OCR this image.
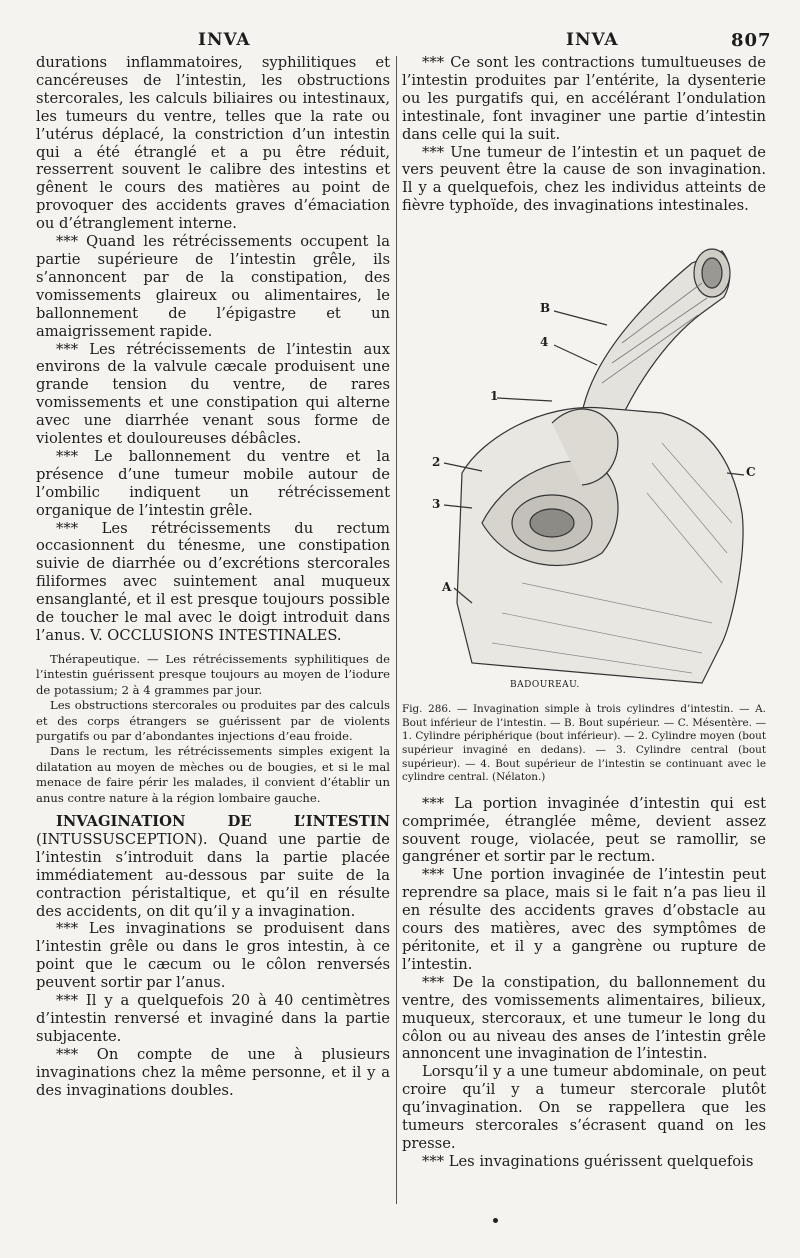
INVA	INVA	807

durations inflammatoires, syphilitiques et cancéreuses de l’intestin, les obstructions stercorales, les calculs biliaires ou intestinaux, les tumeurs du ventre, telles que la rate ou l’utérus déplacé, la constriction d’un intestin qui a été étranglé et a pu être réduit, resserrent souvent le calibre des intestins et gênent le cours des matières au point de provoquer des accidents graves d’émaciation ou d’étranglement interne.

*** Quand les rétrécissements occupent la partie supérieure de l’intestin grêle, ils s’annoncent par de la constipation, des vomissements glaireux ou alimentaires, le ballonnement de l’épigastre et un amaigrissement rapide.

*** Les rétrécissements de l’intestin aux environs de la valvule cæcale produisent une grande tension du ventre, de rares vomissements et une constipation qui alterne avec une diarrhée venant sous forme de violentes et douloureuses débâcles.

*** Le ballonnement du ventre et la présence d’une tumeur mobile autour de l’ombilic indiquent un rétrécissement organique de l’intestin grêle.

*** Les rétrécissements du rectum occasionnent du ténesme, une constipation suivie de diarrhée ou d’excrétions stercorales filiformes avec suintement anal muqueux ensanglanté, et il est presque toujours possible de toucher le mal avec le doigt introduit dans l’anus. V. OCCLUSIONS INTESTINALES.

Thérapeutique. — Les rétrécissements syphilitiques de l’intestin guérissent presque toujours au moyen de l’iodure de potassium; 2 à 4 grammes par jour.

Les obstructions stercorales ou produites par des calculs et des corps étrangers se guérissent par de violents purgatifs ou par d’abondantes injections d’eau froide.

Dans le rectum, les rétrécissements simples exigent la dilatation au moyen de mèches ou de bougies, et si le mal menace de faire périr les malades, il convient d’établir un anus contre nature à la région lombaire gauche.

INVAGINATION DE L’INTESTIN (INTUSSUSCEPTION). Quand une partie de l’intestin s’introduit dans la partie placée immédiatement au-dessous par suite de la contraction péristaltique, et qu’il en résulte des accidents, on dit qu’il y a invagination.

*** Les invaginations se produisent dans l’intestin grêle ou dans le gros intestin, à ce point que le cæcum ou le côlon renversés peuvent sortir par l’anus.

*** Il y a quelquefois 20 à 40 centimètres d’intestin renversé et invaginé dans la partie subjacente.

*** On compte de une à plusieurs invaginations chez la même personne, et il y a des invaginations doubles.

*** Ce sont les contractions tumultueuses de l’intestin produites par l’entérite, la dysenterie ou les purgatifs qui, en accélérant l’ondulation intestinale, font invaginer une partie d’intestin dans celle qui la suit.

*** Une tumeur de l’intestin et un paquet de vers peuvent être la cause de son invagination. Il y a quelquefois, chez les individus atteints de fièvre typhoïde, des invaginations intestinales.

B
4
1
2
3
A
C
BADOUREAU.

Fig. 286. — Invagination simple à trois cylindres d’intestin. — A. Bout inférieur de l’intestin. — B. Bout supérieur. — C. Mésentère. — 1. Cylindre périphérique (bout inférieur). — 2. Cylindre moyen (bout supérieur invaginé en dedans). — 3. Cylindre central (bout supérieur). — 4. Bout supérieur de l’intestin se continuant avec le cylindre central. (Nélaton.)

*** La portion invaginée d’intestin qui est comprimée, étranglée même, devient assez souvent rouge, violacée, peut se ramollir, se gangréner et sortir par le rectum.

*** Une portion invaginée de l’intestin peut reprendre sa place, mais si le fait n’a pas lieu il en résulte des accidents graves d’obstacle au cours des matières, avec des symptômes de péritonite, et il y a gangrène ou rupture de l’intestin.

*** De la constipation, du ballonnement du ventre, des vomissements alimentaires, bilieux, muqueux, stercoraux, et une tumeur le long du côlon ou au niveau des anses de l’intestin grêle annoncent une invagination de l’intestin.

Lorsqu’il y a une tumeur abdominale, on peut croire qu’il y a tumeur stercorale plutôt qu’invagination. On se rappellera que les tumeurs stercorales s’écrasent quand on les presse.

*** Les invaginations guérissent quelquefois
